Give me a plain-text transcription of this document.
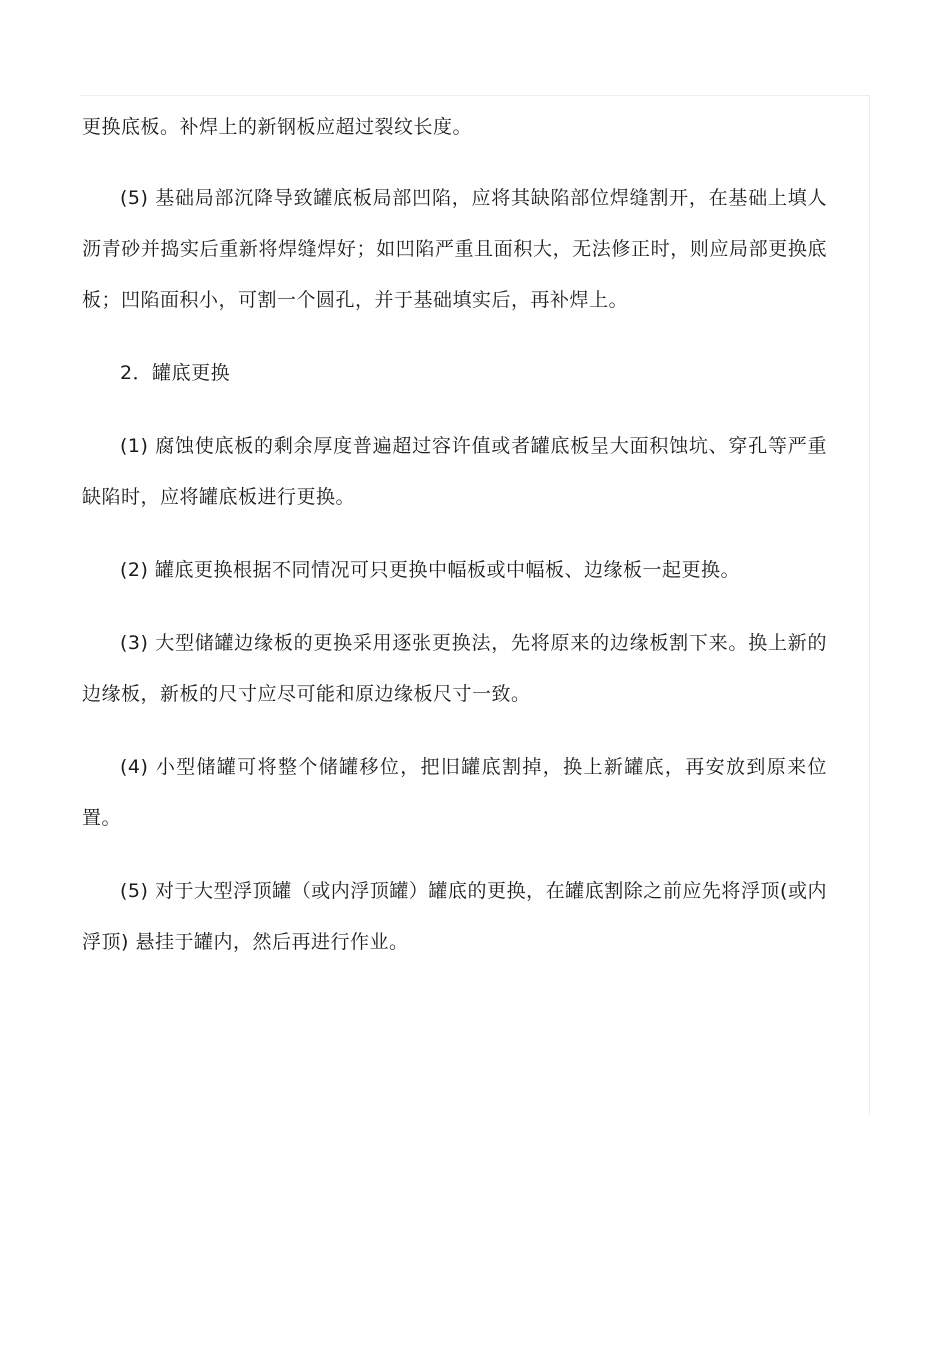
更换底板。补焊上的新钢板应超过裂纹长度。

(5) 基础局部沉降导致罐底板局部凹陷，应将其缺陷部位焊缝割开，在基础上填人沥青砂并捣实后重新将焊缝焊好；如凹陷严重且面积大，无法修正时，则应局部更换底板；凹陷面积小，可割一个圆孔，并于基础填实后，再补焊上。

2．罐底更换

(1) 腐蚀使底板的剩余厚度普遍超过容许值或者罐底板呈大面积蚀坑、穿孔等严重缺陷时，应将罐底板进行更换。

(2) 罐底更换根据不同情况可只更换中幅板或中幅板、边缘板一起更换。

(3) 大型储罐边缘板的更换采用逐张更换法，先将原来的边缘板割下来。换上新的边缘板，新板的尺寸应尽可能和原边缘板尺寸一致。

(4) 小型储罐可将整个储罐移位，把旧罐底割掉，换上新罐底，再安放到原来位置。

(5) 对于大型浮顶罐（或内浮顶罐）罐底的更换，在罐底割除之前应先将浮顶(或内浮顶) 悬挂于罐内，然后再进行作业。
